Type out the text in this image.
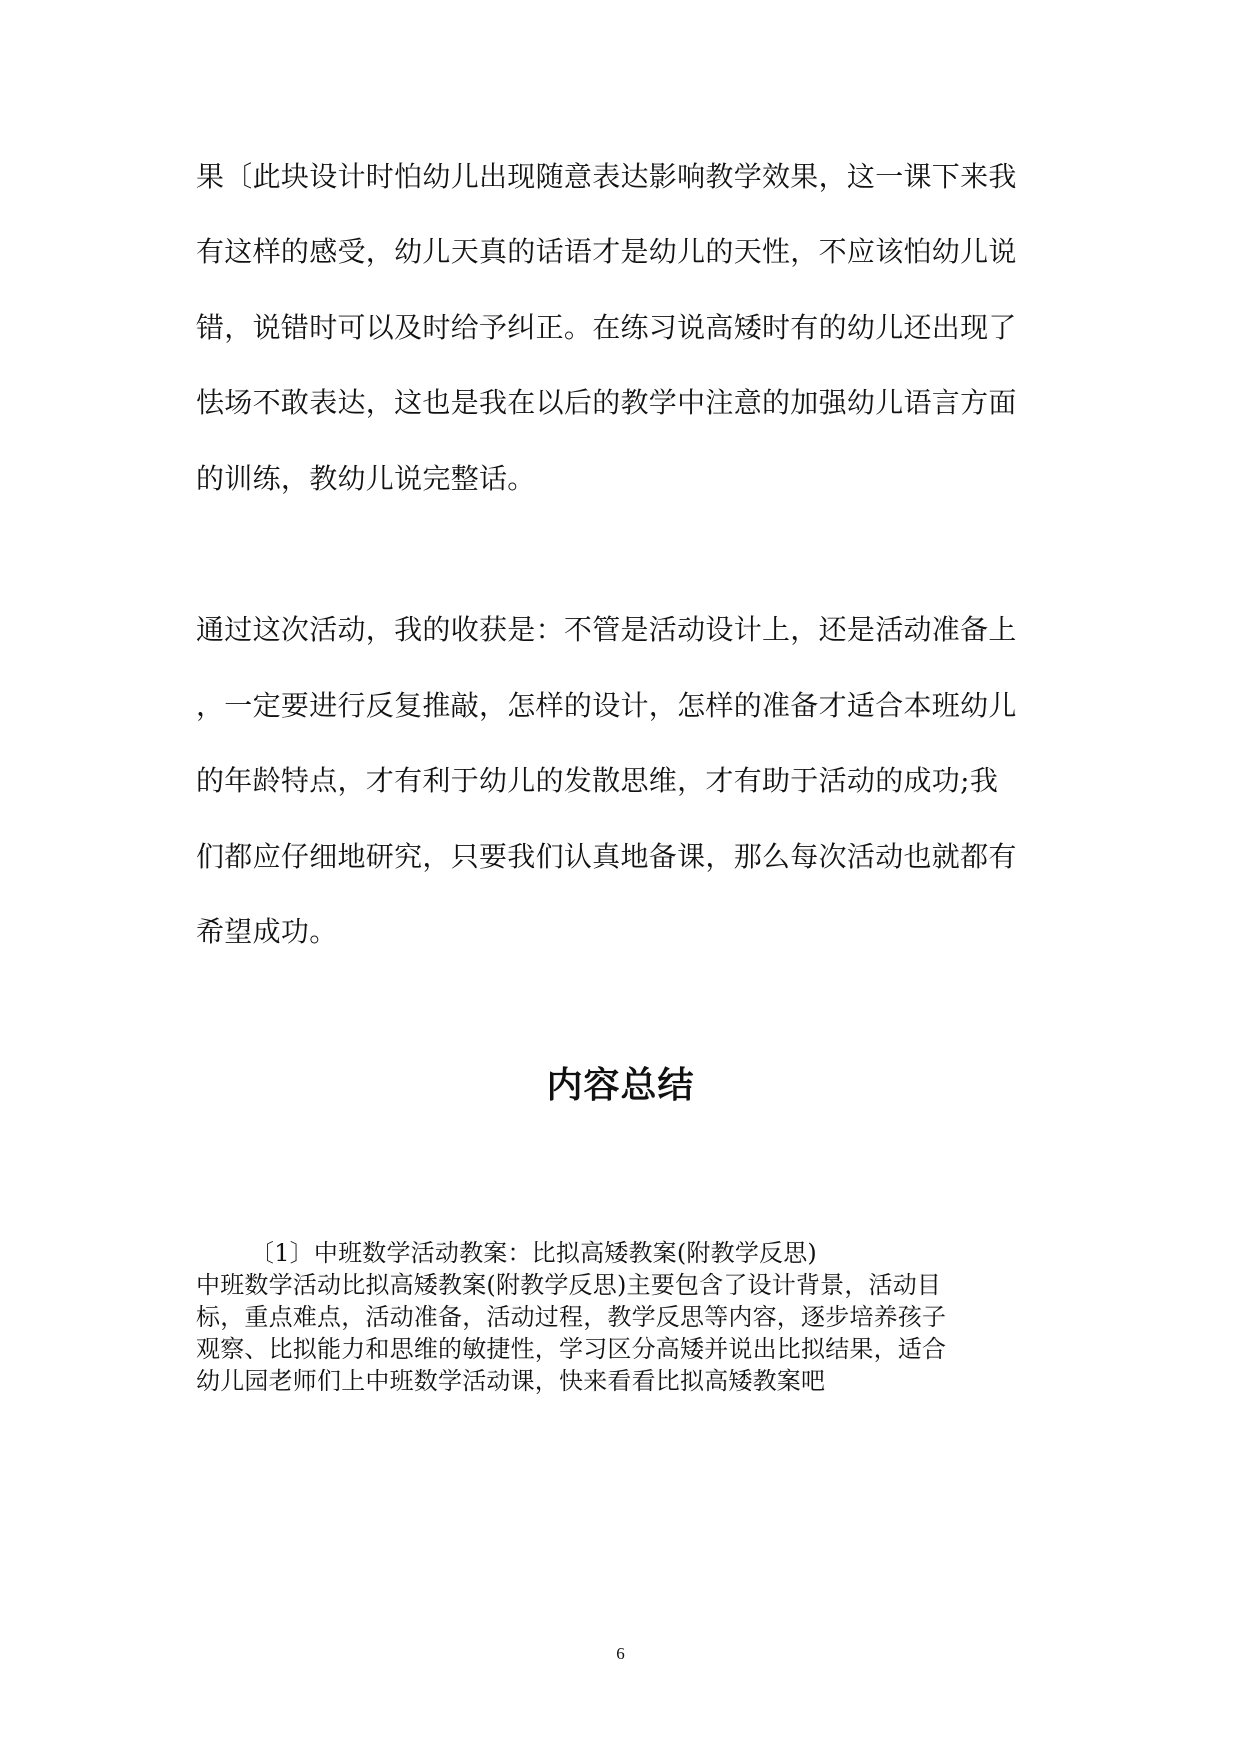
果〔此块设计时怕幼儿出现随意表达影响教学效果，这一课下来我
有这样的感受，幼儿天真的话语才是幼儿的天性，不应该怕幼儿说
错，说错时可以及时给予纠正。在练习说高矮时有的幼儿还出现了
怯场不敢表达，这也是我在以后的教学中注意的加强幼儿语言方面
的训练，教幼儿说完整话。
通过这次活动，我的收获是：不管是活动设计上，还是活动准备上
，一定要进行反复推敲，怎样的设计，怎样的准备才适合本班幼儿
的年龄特点，才有利于幼儿的发散思维，才有助于活动的成功;我
们都应仔细地研究，只要我们认真地备课，那么每次活动也就都有
希望成功。
内容总结
〔1〕中班数学活动教案：比拟高矮教案(附教学反思)
中班数学活动比拟高矮教案(附教学反思)主要包含了设计背景，活动目
标，重点难点，活动准备，活动过程，教学反思等内容，逐步培养孩子
观察、比拟能力和思维的敏捷性，学习区分高矮并说出比拟结果，适合
幼儿园老师们上中班数学活动课，快来看看比拟高矮教案吧
6
